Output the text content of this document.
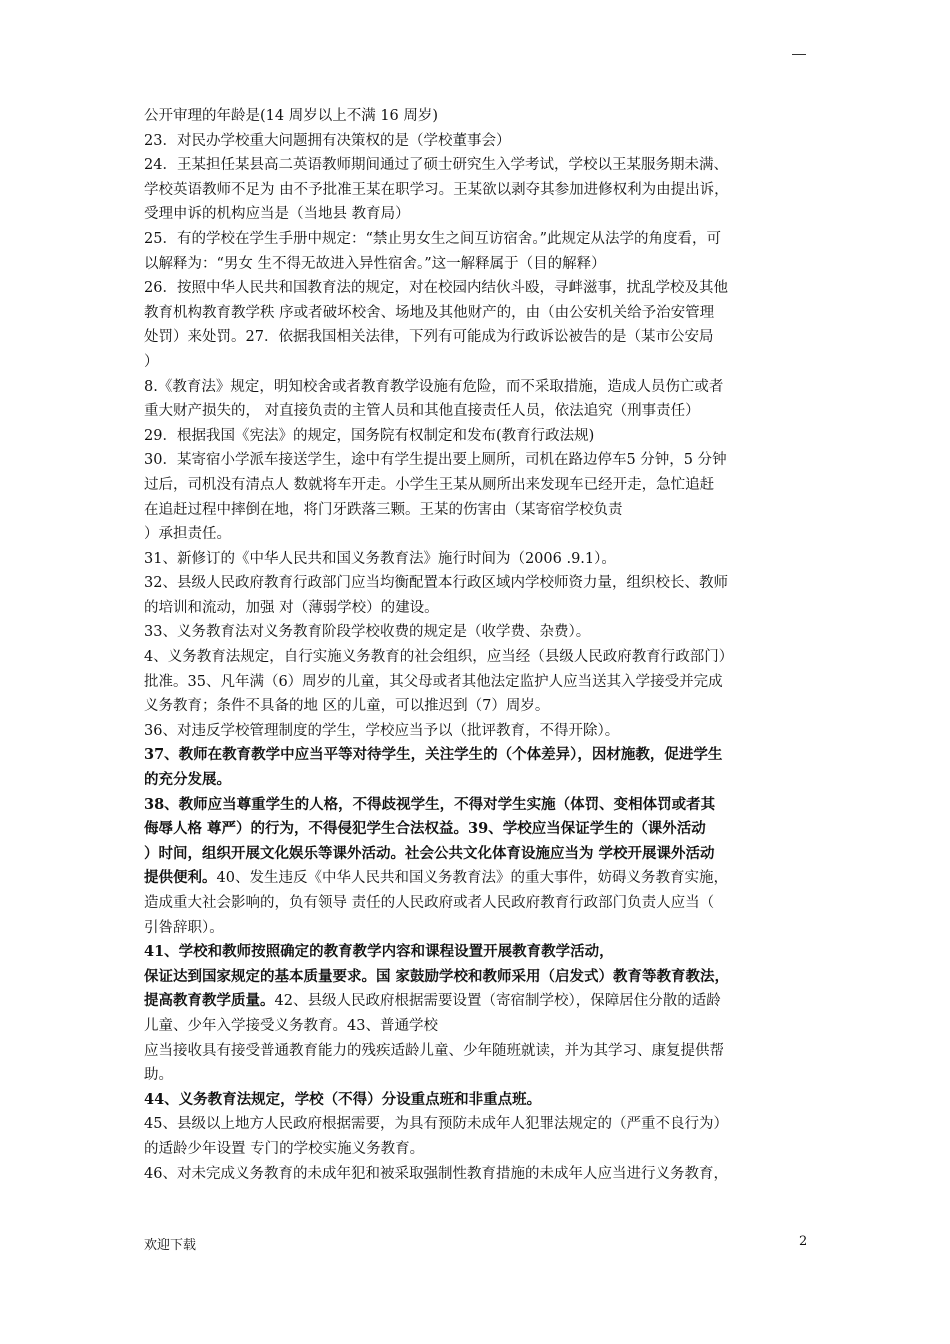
公开审理的年龄是(14 周岁以上不满 16 周岁)
23．对民办学校重大问题拥有决策权的是（学校董事会）
24．王某担任某县高二英语教师期间通过了硕士研究生入学考试，学校以王某服务期未满、
学校英语教师不足为 由不予批准王某在职学习。王某欲以剥夺其参加进修权利为由提出诉，
受理申诉的机构应当是（当地县 教育局）
25．有的学校在学生手册中规定：“禁止男女生之间互访宿舍。”此规定从法学的角度看，可
以解释为：“男女 生不得无故进入异性宿舍。”这一解释属于（目的解释）
26．按照中华人民共和国教育法的规定，对在校园内结伙斗殴，寻衅滋事，扰乱学校及其他
教育机构教育教学秩 序或者破坏校舍、场地及其他财产的，由（由公安机关给予治安管理
处罚）来处罚。27．依据我国相关法律，下列有可能成为行政诉讼被告的是（某市公安局
）
8.《教育法》规定，明知校舍或者教育教学设施有危险，而不采取措施，造成人员伤亡或者
重大财产损失的， 对直接负责的主管人员和其他直接责任人员，依法追究（刑事责任）
29．根据我国《宪法》的规定，国务院有权制定和发布(教育行政法规)
30．某寄宿小学派车接送学生，途中有学生提出要上厕所，司机在路边停车5 分钟，5 分钟
过后，司机没有清点人 数就将车开走。小学生王某从厕所出来发现车已经开走，急忙追赶
在追赶过程中摔倒在地，将门牙跌落三颗。王某的伤害由（某寄宿学校负责
）承担责任。
31、新修订的《中华人民共和国义务教育法》施行时间为（2006 .9.1）。
32、县级人民政府教育行政部门应当均衡配置本行政区域内学校师资力量，组织校长、教师
的培训和流动，加强 对（薄弱学校）的建设。
33、义务教育法对义务教育阶段学校收费的规定是（收学费、杂费）。
4、义务教育法规定，自行实施义务教育的社会组织，应当经（县级人民政府教育行政部门）
批准。35、凡年满（6）周岁的儿童，其父母或者其他法定监护人应当送其入学接受并完成
义务教育；条件不具备的地 区的儿童，可以推迟到（7）周岁。
36、对违反学校管理制度的学生，学校应当予以（批评教育，不得开除）。
37、教师在教育教学中应当平等对待学生，关注学生的（个体差异），因材施教，促进学生
的充分发展。
38、教师应当尊重学生的人格，不得歧视学生，不得对学生实施（体罚、变相体罚或者其
侮辱人格 尊严）的行为，不得侵犯学生合法权益。39、学校应当保证学生的（课外活动
）时间，组织开展文化娱乐等课外活动。社会公共文化体育设施应当为 学校开展课外活动
提供便利。40、发生违反《中华人民共和国义务教育法》的重大事件，妨碍义务教育实施，
造成重大社会影响的，负有领导 责任的人民政府或者人民政府教育行政部门负责人应当（
引咎辞职）。
41、学校和教师按照确定的教育教学内容和课程设置开展教育教学活动，
保证达到国家规定的基本质量要求。国 家鼓励学校和教师采用（启发式）教育等教育教法，
提高教育教学质量。42、县级人民政府根据需要设置（寄宿制学校），保障居住分散的适龄
儿童、少年入学接受义务教育。43、普通学校
应当接收具有接受普通教育能力的残疾适龄儿童、少年随班就读，并为其学习、康复提供帮
助。
44、义务教育法规定，学校（不得）分设重点班和非重点班。
45、县级以上地方人民政府根据需要，为具有预防未成年人犯罪法规定的（严重不良行为）
的适龄少年设置 专门的学校实施义务教育。
46、对未完成义务教育的未成年犯和被采取强制性教育措施的未成年人应当进行义务教育，
欢迎下载	2
